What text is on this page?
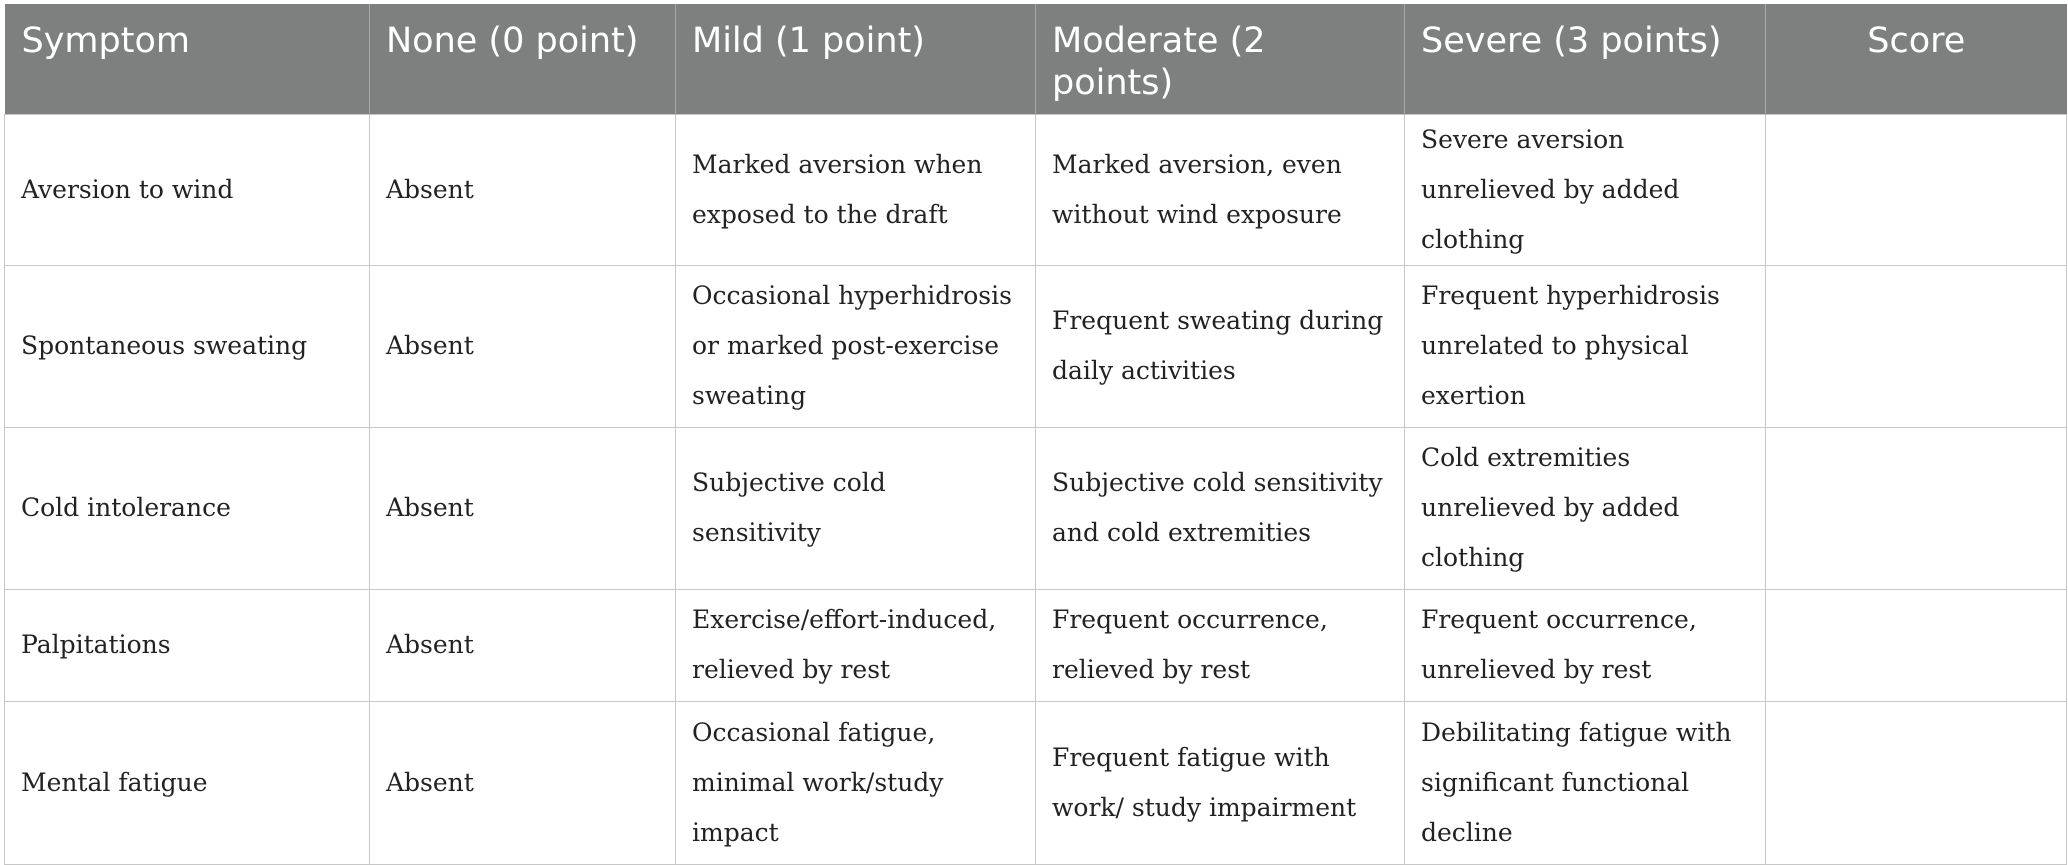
Symptom	None (0 point)	Mild (1 point)	Moderate (2 points)	Severe (3 points)	Score
Aversion to wind	Absent	Marked aversion when exposed to the draft	Marked aversion, even without wind exposure	Severe aversion unrelieved by added clothing	
Spontaneous sweating	Absent	Occasional hyperhidrosis or marked post-exercise sweating	Frequent sweating during daily activities	Frequent hyperhidrosis unrelated to physical exertion	
Cold intolerance	Absent	Subjective cold sensitivity	Subjective cold sensitivity and cold extremities	Cold extremities unrelieved by added clothing	
Palpitations	Absent	Exercise/effort-induced, relieved by rest	Frequent occurrence, relieved by rest	Frequent occurrence, unrelieved by rest	
Mental fatigue	Absent	Occasional fatigue, minimal work/study impact	Frequent fatigue with work/ study impairment	Debilitating fatigue with significant functional decline	
